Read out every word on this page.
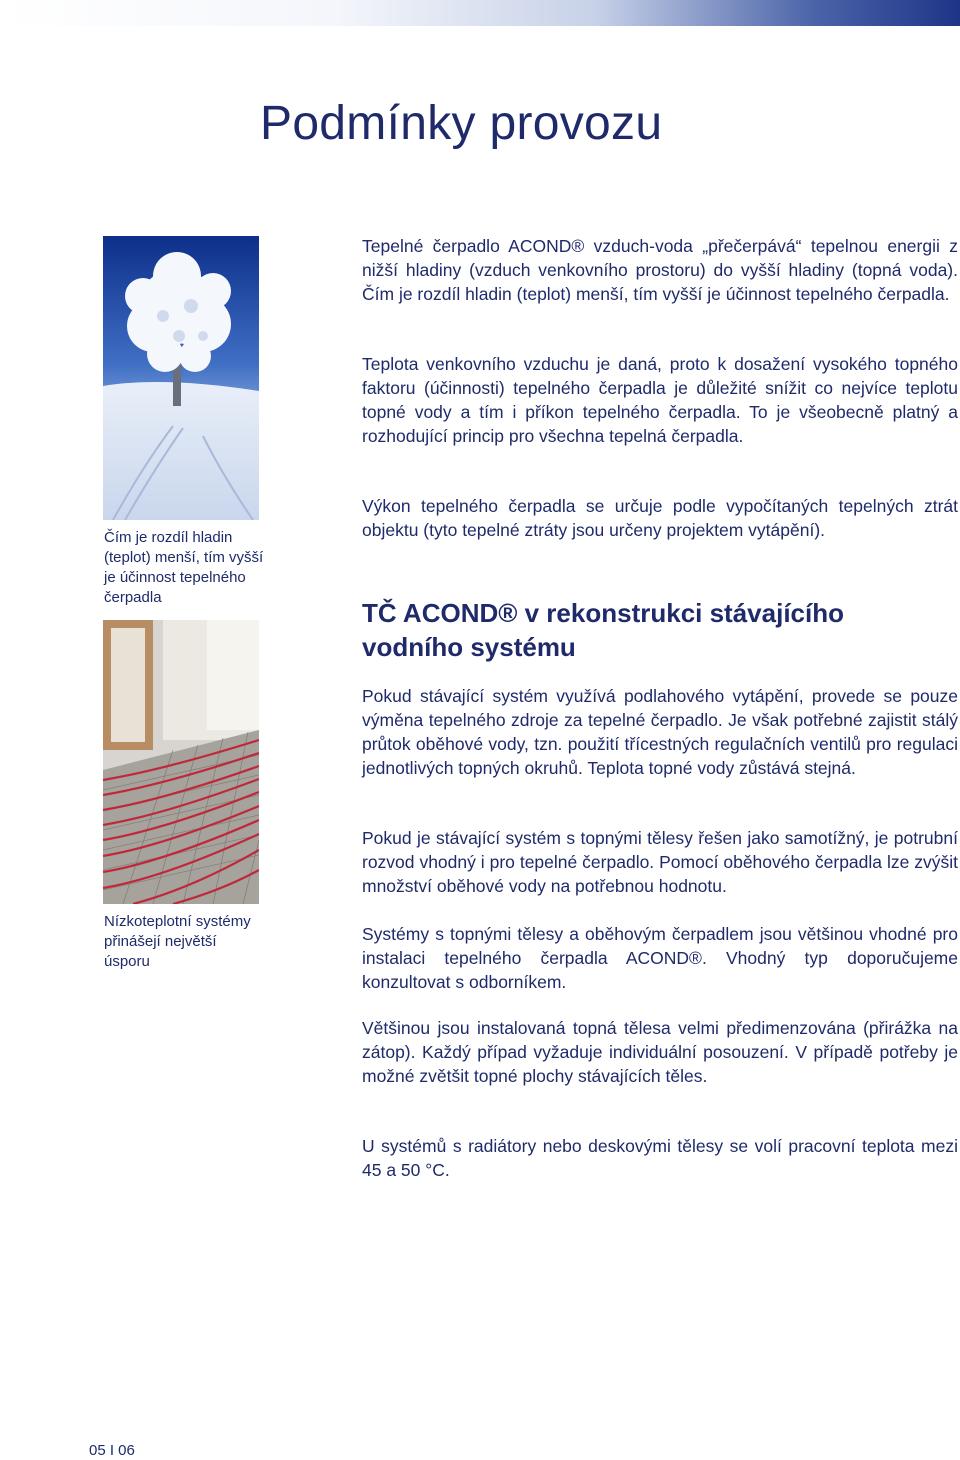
Podmínky provozu

Čím je rozdíl hladin (teplot) menší, tím vyšší je účinnost tepelného čerpadla

Nízkoteplotní systémy přinášejí největší úsporu

Tepelné čerpadlo ACOND® vzduch-voda „přečerpává“ tepelnou energii z nižší hladiny (vzduch venkovního prostoru) do vyšší hladiny (topná voda). Čím je rozdíl hladin (teplot) menší, tím vyšší je účinnost tepelného čerpadla.

Teplota venkovního vzduchu je daná, proto k dosažení vysokého topného faktoru (účinnosti) tepelného čerpadla je důležité snížit co nejvíce teplotu topné vody a tím i příkon tepelného čerpadla. To je všeobecně platný a rozhodující princip pro všechna tepelná čerpadla.

Výkon tepelného čerpadla se určuje podle vypočítaných tepelných ztrát objektu (tyto tepelné ztráty jsou určeny projektem vytápění).

TČ ACOND® v rekonstrukci stávajícího vodního systému

Pokud stávající systém využívá podlahového vytápění, provede se pouze výměna tepelného zdroje za tepelné čerpadlo. Je však potřebné zajistit stálý průtok oběhové vody, tzn. použití třícestných regulačních ventilů pro regulaci jednotlivých topných okruhů. Teplota topné vody zůstává stejná.

Pokud je stávající systém s topnými tělesy řešen jako samotížný, je potrubní rozvod vhodný i pro tepelné čerpadlo. Pomocí oběhového čerpadla lze zvýšit množství oběhové vody na potřebnou hodnotu.

Systémy s topnými tělesy a oběhovým čerpadlem jsou většinou vhodné pro instalaci tepelného čerpadla ACOND®. Vhodný typ doporučujeme konzultovat s odborníkem.

Většinou jsou instalovaná topná tělesa velmi předimenzována (přirážka na zátop). Každý případ vyžaduje individuální posouzení. V případě potřeby je možné zvětšit topné plochy stávajících těles.

U systémů s radiátory nebo deskovými tělesy se volí pracovní teplota mezi 45 a 50 °C.

05 I 06
